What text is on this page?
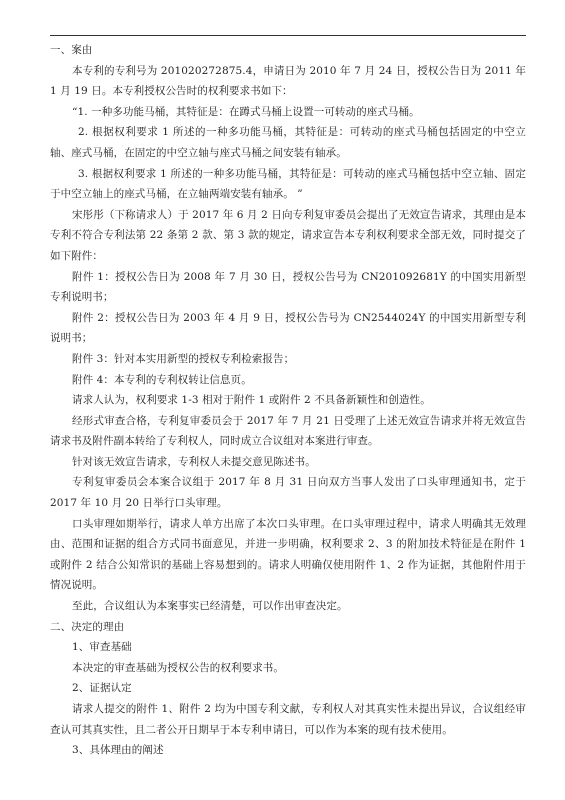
一、案由

本专利的专利号为 201020272875.4，申请日为 2010 年 7 月 24 日，授权公告日为 2011 年 1 月 19 日。本专利授权公告时的权利要求书如下：

“1. 一种多功能马桶，其特征是：在蹲式马桶上设置一可转动的座式马桶。

2. 根据权利要求 1 所述的一种多功能马桶，其特征是：可转动的座式马桶包括固定的中空立轴、座式马桶，在固定的中空立轴与座式马桶之间安装有轴承。

3. 根据权利要求 1 所述的一种多功能马桶，其特征是：可转动的座式马桶包括中空立轴、固定于中空立轴上的座式马桶，在立轴两端安装有轴承。 ”

宋彤彤（下称请求人）于 2017 年 6 月 2 日向专利复审委员会提出了无效宣告请求，其理由是本专利不符合专利法第 22 条第 2 款、第 3 款的规定，请求宣告本专利权利要求全部无效，同时提交了如下附件：

附件 1：授权公告日为 2008 年 7 月 30 日，授权公告号为 CN201092681Y 的中国实用新型专利说明书；

附件 2：授权公告日为 2003 年 4 月 9 日，授权公告号为 CN2544024Y 的中国实用新型专利说明书；

附件 3：针对本实用新型的授权专利检索报告；

附件 4：本专利的专利权转让信息页。

请求人认为，权利要求 1-3 相对于附件 1 或附件 2 不具备新颖性和创造性。

经形式审查合格，专利复审委员会于 2017 年 7 月 21 日受理了上述无效宣告请求并将无效宣告请求书及附件副本转给了专利权人，同时成立合议组对本案进行审查。

针对该无效宣告请求，专利权人未提交意见陈述书。

专利复审委员会本案合议组于 2017 年 8 月 31 日向双方当事人发出了口头审理通知书，定于 2017 年 10 月 20 日举行口头审理。

口头审理如期举行，请求人单方出席了本次口头审理。在口头审理过程中，请求人明确其无效理由、范围和证据的组合方式同书面意见，并进一步明确，权利要求 2、3 的附加技术特征是在附件 1 或附件 2 结合公知常识的基础上容易想到的。请求人明确仅使用附件 1、2 作为证据，其他附件用于情况说明。

至此，合议组认为本案事实已经清楚，可以作出审查决定。

二、决定的理由

1、审查基础

本决定的审查基础为授权公告的权利要求书。

2、证据认定

请求人提交的附件 1、附件 2 均为中国专利文献，专利权人对其真实性未提出异议，合议组经审查认可其真实性，且二者公开日期早于本专利申请日，可以作为本案的现有技术使用。

3、具体理由的阐述
